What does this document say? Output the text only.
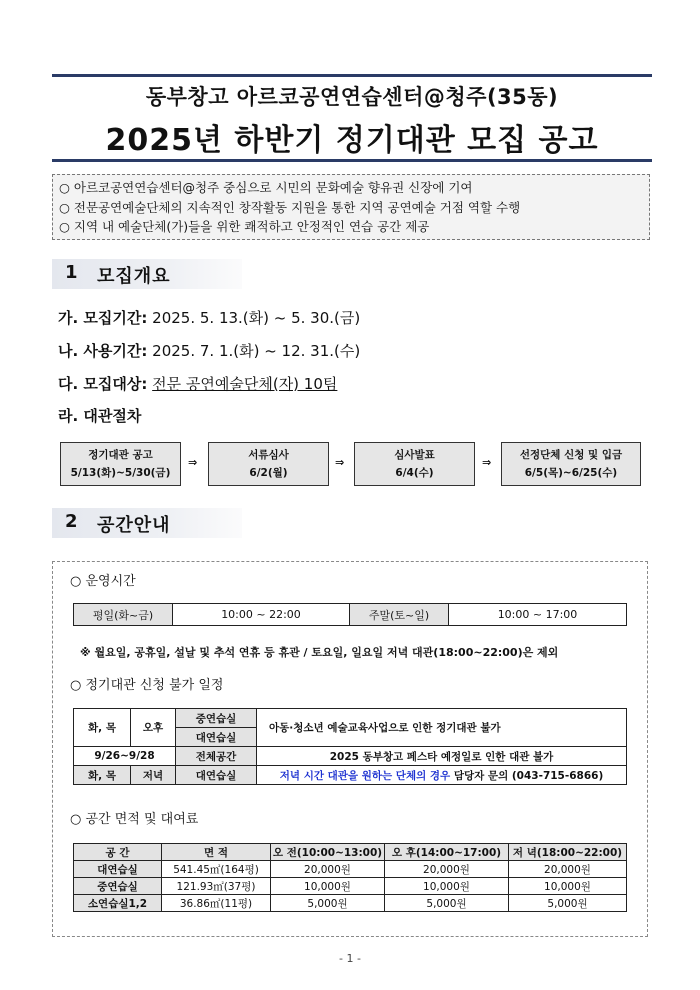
동부창고 아르코공연연습센터@청주(35동)
2025년 하반기 정기대관 모집 공고
○ 아르코공연연습센터@청주 중심으로 시민의 문화예술 향유권 신장에 기여
○ 전문공연예술단체의 지속적인 창작활동 지원을 통한 지역 공연예술 거점 역할 수행
○ 지역 내 예술단체(가)들을 위한 쾌적하고 안정적인 연습 공간 제공
1 모집개요
가. 모집기간: 2025. 5. 13.(화) ~ 5. 30.(금)
나. 사용기간: 2025. 7. 1.(화) ~ 12. 31.(수)
다. 모집대상: 전문 공연예술단체(자) 10팀
라. 대관절차
정기대관 공고
5/13(화)~5/30(금)
⇒
서류심사
6/2(월)
⇒
심사발표
6/4(수)
⇒
선정단체 신청 및 입금
6/5(목)~6/25(수)
2 공간안내
○ 운영시간
평일(화~금)	10:00 ~ 22:00	주말(토~일)	10:00 ~ 17:00
※ 월요일, 공휴일, 설날 및 추석 연휴 등 휴관 / 토요일, 일요일 저녁 대관(18:00~22:00)은 제외
○ 정기대관 신청 불가 일정
화, 목	오후	중연습실	아동·청소년 예술교육사업으로 인한 정기대관 불가
		대연습실	
9/26~9/28		전체공간	2025 동부창고 페스타 예정일로 인한 대관 불가
화, 목	저녁	대연습실	저녁 시간 대관을 원하는 단체의 경우 담당자 문의 (043-715-6866)
○ 공간 면적 및 대여료
공 간	면 적	오 전(10:00~13:00)	오 후(14:00~17:00)	저 녁(18:00~22:00)
대연습실	541.45㎡(164평)	20,000원	20,000원	20,000원
중연습실	121.93㎡(37평)	10,000원	10,000원	10,000원
소연습실1,2	36.86㎡(11평)	5,000원	5,000원	5,000원
- 1 -
